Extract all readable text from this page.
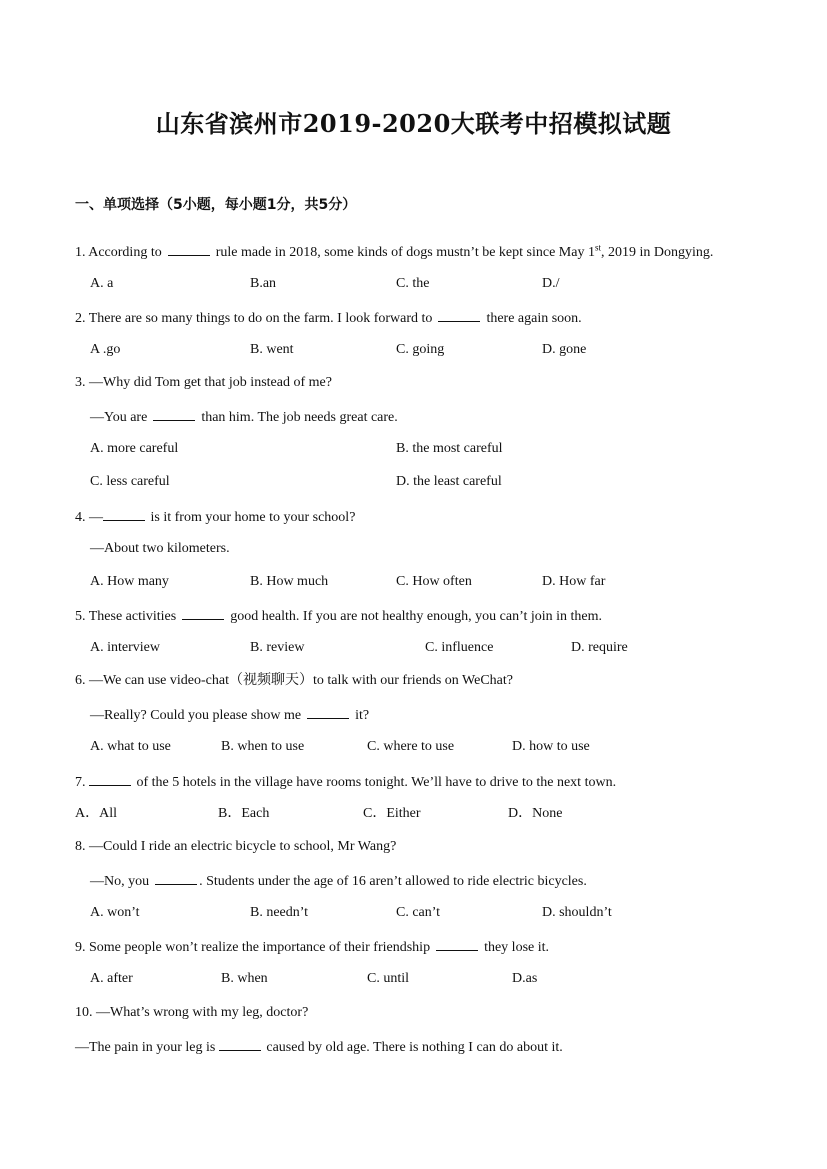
山东省滨州市2019-2020大联考中招模拟试题
一、单项选择（5小题，每小题1分，共5分）
1. According to	rule made in 2018, some kinds of dogs mustn’t be kept since May 1st, 2019 in Dongying.
A. a	B.an	C. the	D./
2. There are so many things to do on the farm. I look forward to	there again soon.
A .go	B. went	C. going	D. gone
3. —Why did Tom get that job instead of me?
—You are	than him. The job needs great care.
A. more careful	B. the most careful
C. less careful	D. the least careful
4. —	is it from your home to your school?
—About two kilometers.
A. How many	B. How much	C. How often	D. How far
5. These activities	good health. If you are not healthy enough, you can’t join in them.
A. interview	B. review	C. influence	D. require
6. —We can use video-chat（视频聊天）to talk with our friends on WeChat?
—Really? Could you please show me	it?
A. what to use	B. when to use	C. where to use	D. how to use
7.	of the 5 hotels in the village have rooms tonight. We’ll have to drive to the next town.
A．All	B．Each	C．Either	D．None
8. —Could I ride an electric bicycle to school, Mr Wang?
—No, you	. Students under the age of 16 aren’t allowed to ride electric bicycles.
A. won’t	B. needn’t	C. can’t	D. shouldn’t
9. Some people won’t realize the importance of their friendship	they lose it.
A. after	B. when	C. until	D.as
10. —What’s wrong with my leg, doctor?
—The pain in your leg is	caused by old age. There is nothing I can do about it.
